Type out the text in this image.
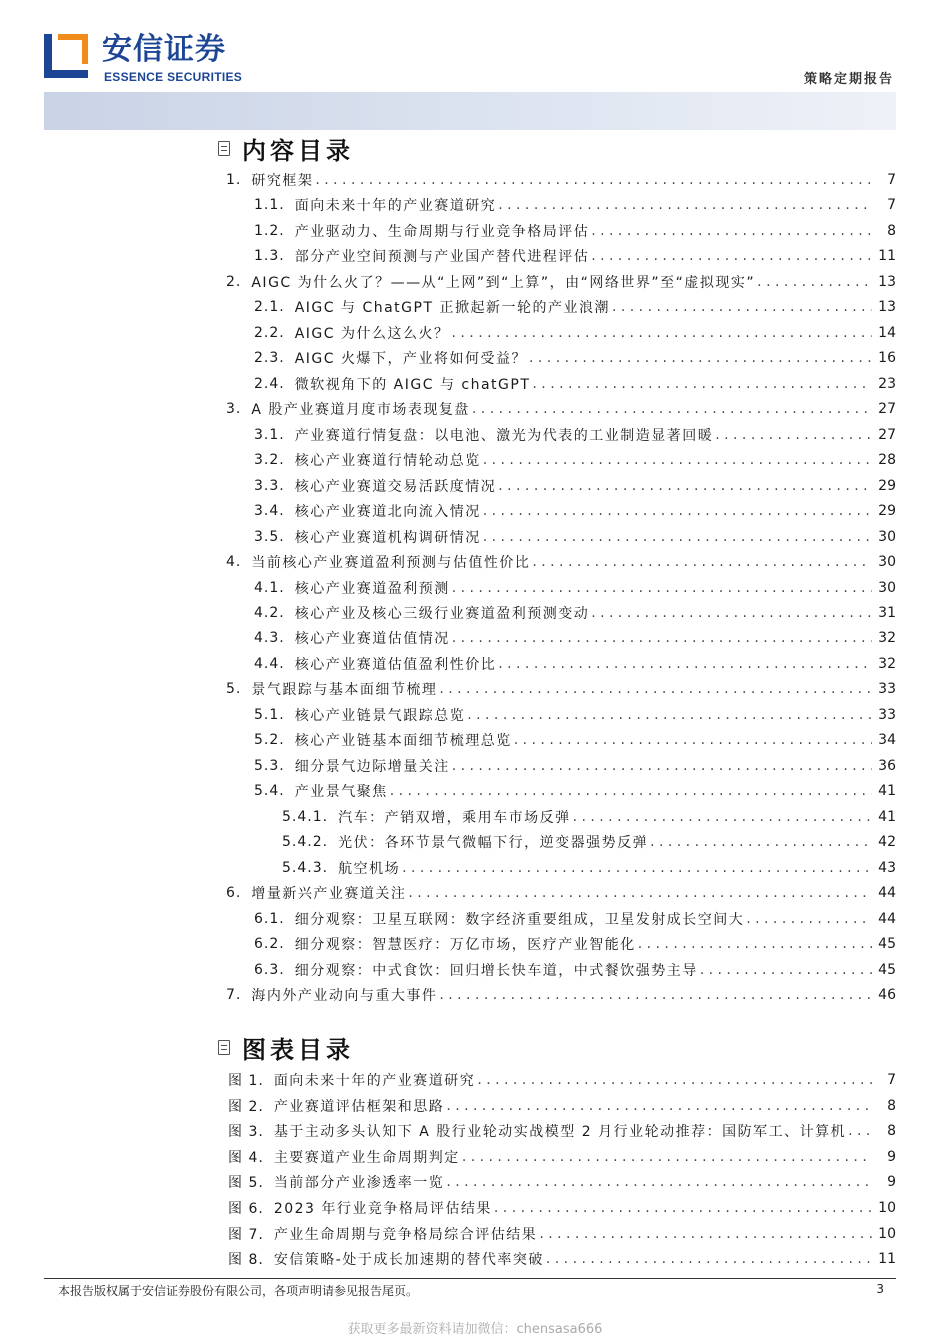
安信证券
ESSENCE SECURITIES	策略定期报告
内容目录
1. 研究框架 . . .	7
1.1. 面向未来十年的产业赛道研究 . . .	7
1.2. 产业驱动力、生命周期与行业竞争格局评估 . . .	8
1.3. 部分产业空间预测与产业国产替代进程评估 . . .	11
2. AIGC 为什么火了？——从“上网”到“上算”，由“网络世界”至“虚拟现实” . . .	13
2.1. AIGC 与 ChatGPT 正掀起新一轮的产业浪潮 . . .	13
2.2. AIGC 为什么这么火？ . . .	14
2.3. AIGC 火爆下，产业将如何受益？ . . .	16
2.4. 微软视角下的 AIGC 与 chatGPT . . .	23
3. A 股产业赛道月度市场表现复盘 . . .	27
3.1. 产业赛道行情复盘：以电池、激光为代表的工业制造显著回暖 . . .	27
3.2. 核心产业赛道行情轮动总览 . . .	28
3.3. 核心产业赛道交易活跃度情况 . . .	29
3.4. 核心产业赛道北向流入情况 . . .	29
3.5. 核心产业赛道机构调研情况 . . .	30
4. 当前核心产业赛道盈利预测与估值性价比 . . .	30
4.1. 核心产业赛道盈利预测 . . .	30
4.2. 核心产业及核心三级行业赛道盈利预测变动 . . .	31
4.3. 核心产业赛道估值情况 . . .	32
4.4. 核心产业赛道估值盈利性价比 . . .	32
5. 景气跟踪与基本面细节梳理 . . .	33
5.1. 核心产业链景气跟踪总览 . . .	33
5.2. 核心产业链基本面细节梳理总览 . . .	34
5.3. 细分景气边际增量关注 . . .	36
5.4. 产业景气聚焦 . . .	41
5.4.1. 汽车：产销双增，乘用车市场反弹 . . .	41
5.4.2. 光伏：各环节景气微幅下行，逆变器强势反弹 . . .	42
5.4.3. 航空机场 . . .	43
6. 增量新兴产业赛道关注 . . .	44
6.1. 细分观察：卫星互联网：数字经济重要组成，卫星发射成长空间大 . . .	44
6.2. 细分观察：智慧医疗：万亿市场，医疗产业智能化 . . .	45
6.3. 细分观察：中式食饮：回归增长快车道，中式餐饮强势主导 . . .	45
7. 海内外产业动向与重大事件 . . .	46
图表目录
图 1. 面向未来十年的产业赛道研究 . . .	7
图 2. 产业赛道评估框架和思路 . . .	8
图 3. 基于主动多头认知下 A 股行业轮动实战模型 2 月行业轮动推荐：国防军工、计算机 . . .	8
图 4. 主要赛道产业生命周期判定 . . .	9
图 5. 当前部分产业渗透率一览 . . .	9
图 6. 2023 年行业竞争格局评估结果 . . .	10
图 7. 产业生命周期与竞争格局综合评估结果 . . .	10
图 8. 安信策略-处于成长加速期的替代率突破 . . .	11
本报告版权属于安信证券股份有限公司，各项声明请参见报告尾页。	3
获取更多最新资料请加微信：chensasa666
